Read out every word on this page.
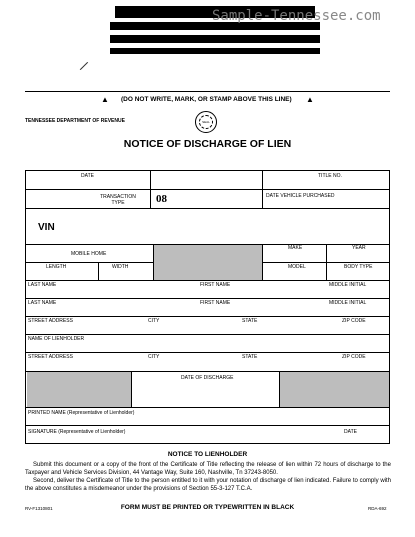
Sample-Tennessee.com
/
▲ (DO NOT WRITE, MARK, OR STAMP ABOVE THIS LINE) ▲
TENNESSEE DEPARTMENT OF REVENUE	SEAL
NOTICE OF DISCHARGE OF LIEN
DATE	TITLE NO.
TRANSACTION TYPE	08	DATE VEHICLE PURCHASED
VIN
MOBILE HOME
MAKE	YEAR
LENGTH	WIDTH	MODEL	BODY TYPE
LAST NAME	FIRST NAME	MIDDLE INITIAL
LAST NAME	FIRST NAME	MIDDLE INITIAL
STREET ADDRESS	CITY	STATE	ZIP CODE
NAME OF LIENHOLDER
STREET ADDRESS	CITY	STATE	ZIP CODE
DATE OF DISCHARGE
PRINTED NAME (Representative of Lienholder)
SIGNATURE (Representative of Lienholder)	DATE
NOTICE TO LIENHOLDER
Submit this document or a copy of the front of the Certificate of Title reflecting the release of lien within 72 hours of discharge to the Taxpayer and Vehicle Services Division, 44 Vantage Way, Suite 160, Nashville, Tn 37243-8050.
Second, deliver the Certificate of Title to the person entitled to it with your notation of discharge of lien indicated. Failure to comply with the above constitutes a misdemeanor under the provisions of Section 55-3-127 T.C.A.
RV-F1310801	FORM MUST BE PRINTED OR TYPEWRITTEN IN BLACK	RDA-692
